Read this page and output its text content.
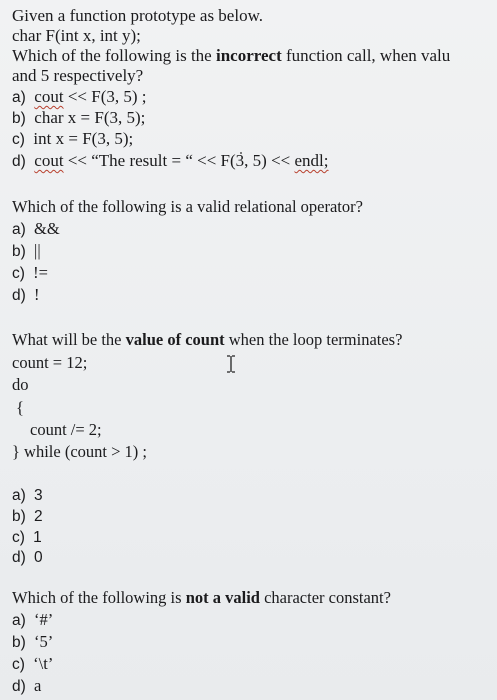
Given a function prototype as below.
char F(int x, int y);
Which of the following is the incorrect function call, when valu
and 5 respectively?
a) cout << F(3, 5) ;
b) char x = F(3, 5);
c) int x = F(3, 5);
d) cout << “The result = “ << F(3, 5) << endl;
Which of the following is a valid relational operator?
a) &&
b) ||
c) !=
d) !
What will be the value of count when the loop terminates?
count = 12;
do
{
count /= 2;
} while (count > 1) ;
a) 3
b) 2
c) 1
d) 0
Which of the following is not a valid character constant?
a) ‘#’
b) ‘5’
c) ‘\t’
d) a
